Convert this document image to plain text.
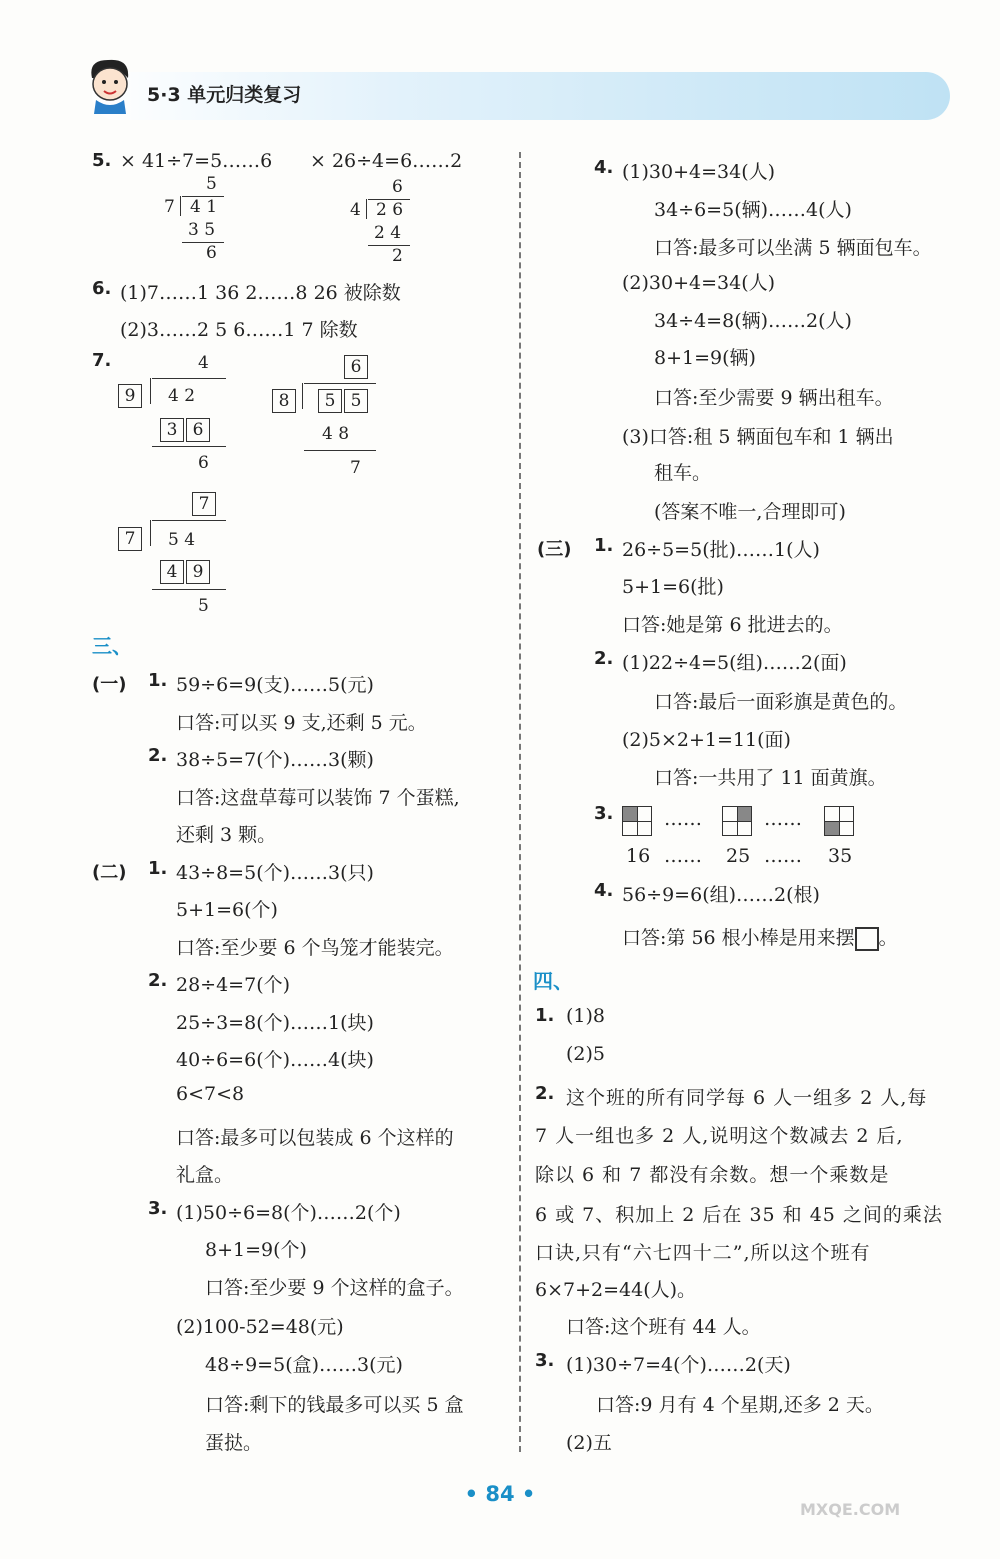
5·3 单元归类复习
5. × 41÷7=5……6 × 26÷4=6……2
5
7 4 1
3 5
6
6
4 2 6
2 4
2
6. (1)7……1 36 2……8 26 被除数
(2)3……2 5 6……1 7 除数
7.	4
9	4 2
3 6
6
6
8	5 5
4 8
7
7
7	5 4
4 9
5
三、
(一) 1. 59÷6=9(支)……5(元)
口答:可以买 9 支,还剩 5 元。
2. 38÷5=7(个)……3(颗)
口答:这盘草莓可以装饰 7 个蛋糕,
还剩 3 颗。
(二) 1. 43÷8=5(个)……3(只)
5+1=6(个)
口答:至少要 6 个鸟笼才能装完。
2. 28÷4=7(个)
25÷3=8(个)……1(块)
40÷6=6(个)……4(块)
6<7<8
口答:最多可以包装成 6 个这样的
礼盒。
3. (1)50÷6=8(个)……2(个)
8+1=9(个)
口答:至少要 9 个这样的盒子。
(2)100-52=48(元)
48÷9=5(盒)……3(元)
口答:剩下的钱最多可以买 5 盒
蛋挞。
4. (1)30+4=34(人)
34÷6=5(辆)……4(人)
口答:最多可以坐满 5 辆面包车。
(2)30+4=34(人)
34÷4=8(辆)……2(人)
8+1=9(辆)
口答:至少需要 9 辆出租车。
(3)口答:租 5 辆面包车和 1 辆出
租车。
(答案不唯一,合理即可)
(三) 1. 26÷5=5(批)……1(人)
5+1=6(批)
口答:她是第 6 批进去的。
2. (1)22÷4=5(组)……2(面)
口答:最后一面彩旗是黄色的。
(2)5×2+1=11(面)
口答:一共用了 11 面黄旗。
3.	……	……
16 …… 25 …… 35
4. 56÷9=6(组)……2(根)
口答:第 56 根小棒是用来摆 。
四、
1. (1)8
(2)5
2. 这个班的所有同学每 6 人一组多 2 人,每
7 人一组也多 2 人,说明这个数减去 2 后,
除以 6 和 7 都没有余数。想一个乘数是
6 或 7、积加上 2 后在 35 和 45 之间的乘法
口诀,只有“六七四十二”,所以这个班有
6×7+2=44(人)。
口答:这个班有 44 人。
3. (1)30÷7=4(个)……2(天)
口答:9 月有 4 个星期,还多 2 天。
(2)五
• 84 •
MXQE.COM
